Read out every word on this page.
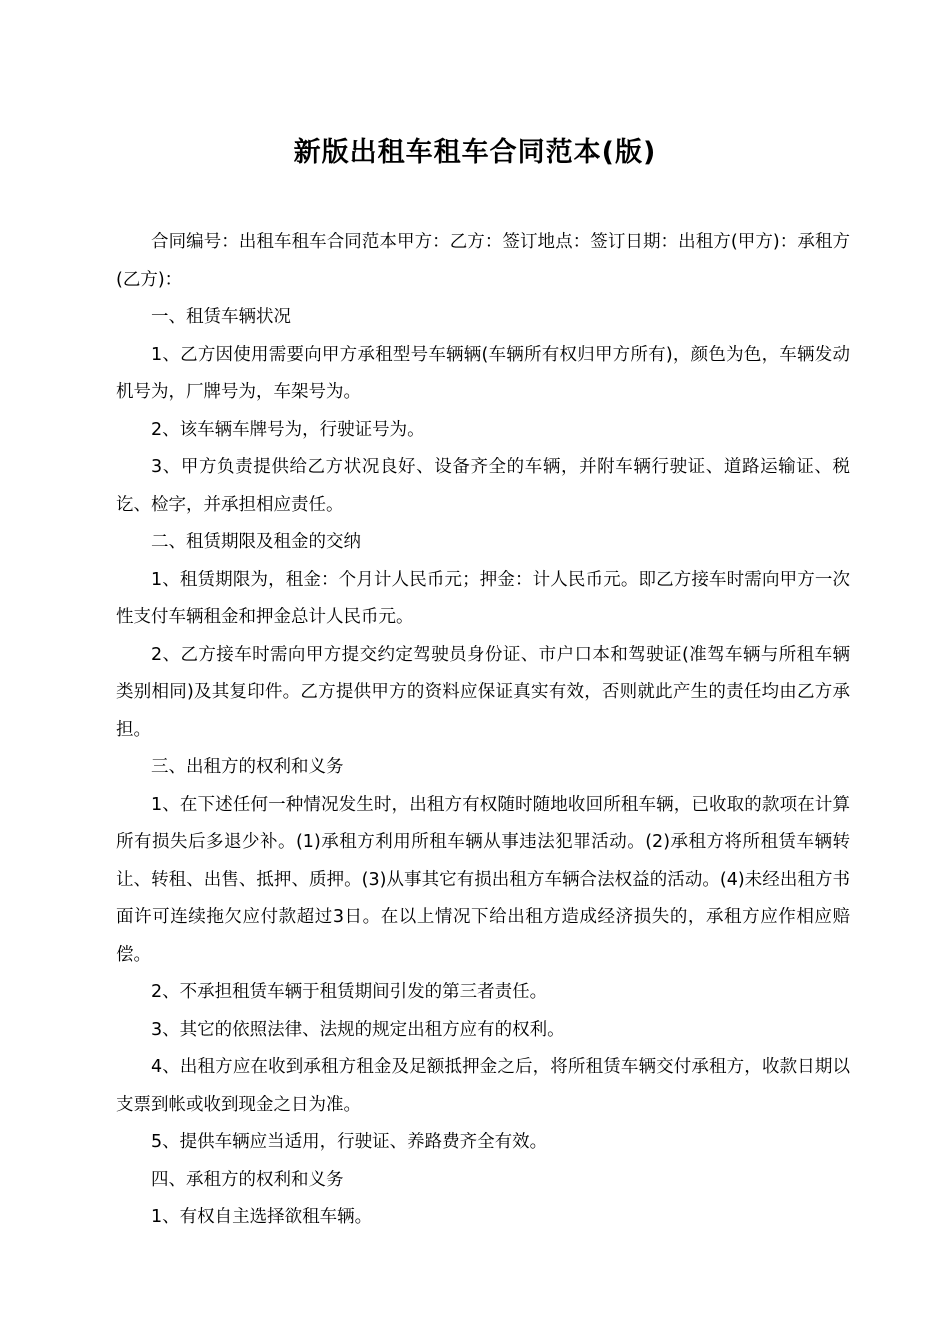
新版出租车租车合同范本(版)

合同编号：出租车租车合同范本甲方：乙方：签订地点：签订日期：出租方(甲方)：承租方(乙方)：

一、租赁车辆状况

1、乙方因使用需要向甲方承租型号车辆辆(车辆所有权归甲方所有)，颜色为色，车辆发动机号为，厂牌号为，车架号为。

2、该车辆车牌号为，行驶证号为。

3、甲方负责提供给乙方状况良好、设备齐全的车辆，并附车辆行驶证、道路运输证、税讫、检字，并承担相应责任。

二、租赁期限及租金的交纳

1、租赁期限为，租金：个月计人民币元；押金：计人民币元。即乙方接车时需向甲方一次性支付车辆租金和押金总计人民币元。

2、乙方接车时需向甲方提交约定驾驶员身份证、市户口本和驾驶证(准驾车辆与所租车辆类别相同)及其复印件。乙方提供甲方的资料应保证真实有效，否则就此产生的责任均由乙方承担。

三、出租方的权利和义务

1、在下述任何一种情况发生时，出租方有权随时随地收回所租车辆，已收取的款项在计算所有损失后多退少补。(1)承租方利用所租车辆从事违法犯罪活动。(2)承租方将所租赁车辆转让、转租、出售、抵押、质押。(3)从事其它有损出租方车辆合法权益的活动。(4)未经出租方书面许可连续拖欠应付款超过3日。在以上情况下给出租方造成经济损失的，承租方应作相应赔偿。

2、不承担租赁车辆于租赁期间引发的第三者责任。

3、其它的依照法律、法规的规定出租方应有的权利。

4、出租方应在收到承租方租金及足额抵押金之后，将所租赁车辆交付承租方，收款日期以支票到帐或收到现金之日为准。

5、提供车辆应当适用，行驶证、养路费齐全有效。

四、承租方的权利和义务

1、有权自主选择欲租车辆。
